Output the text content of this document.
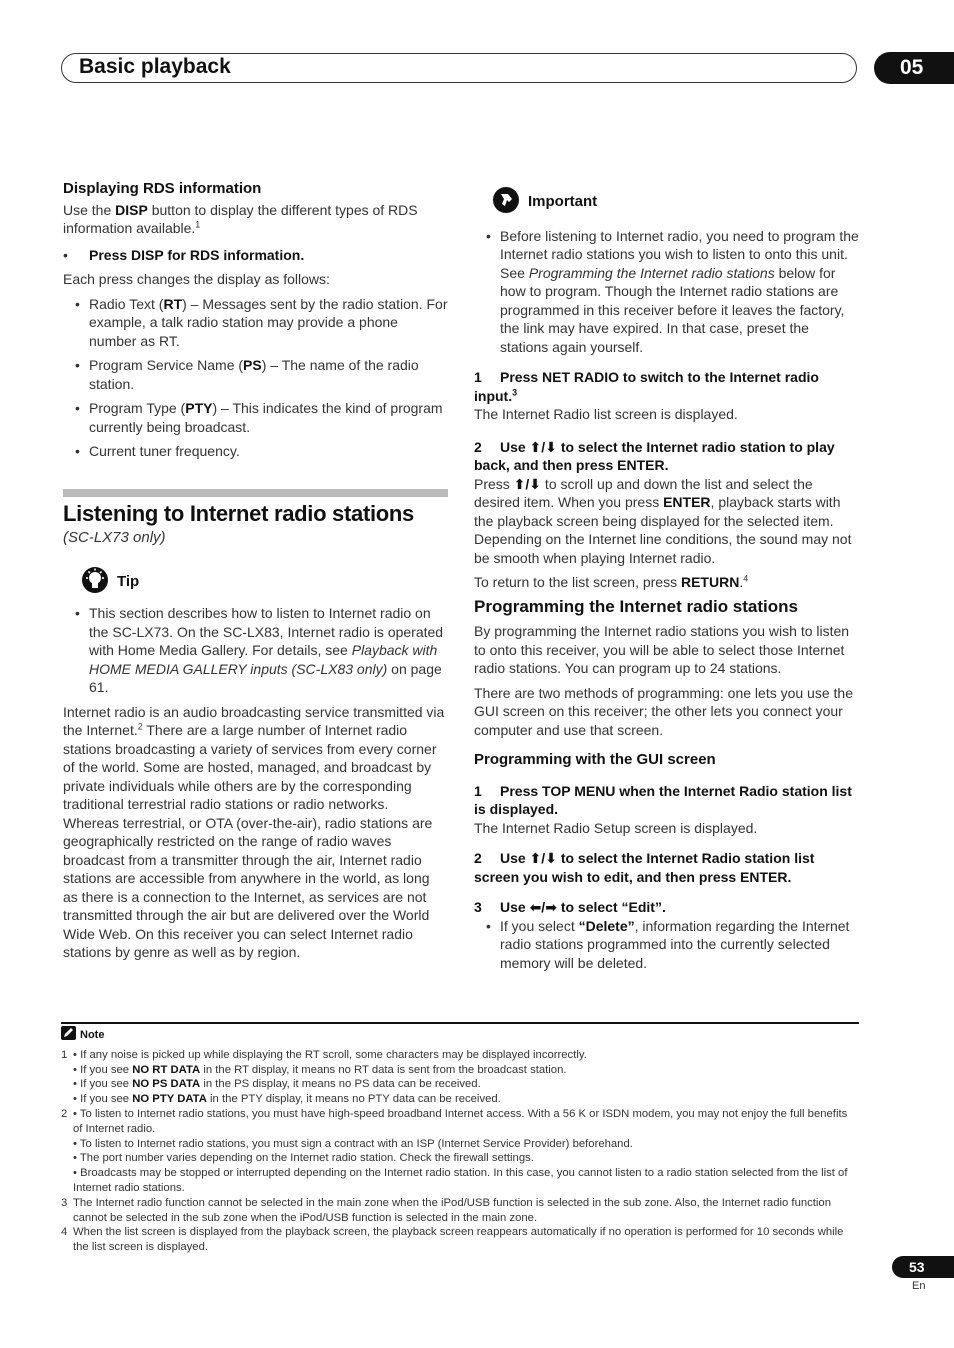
Basic playback	05

Displaying RDS information

Use the DISP button to display the different types of RDS information available.$^1$

• Press DISP for RDS information.

Each press changes the display as follows:

• Radio Text (RT) – Messages sent by the radio station. For example, a talk radio station may provide a phone number as RT.
• Program Service Name (PS) – The name of the radio station.
• Program Type (PTY) – This indicates the kind of program currently being broadcast.
• Current tuner frequency.

Listening to Internet radio stations

(SC-LX73 only)

Tip
• This section describes how to listen to Internet radio on the SC-LX73. On the SC-LX83, Internet radio is operated with Home Media Gallery. For details, see Playback with HOME MEDIA GALLERY inputs (SC-LX83 only) on page 61.

Internet radio is an audio broadcasting service transmitted via the Internet.$^2$ There are a large number of Internet radio stations broadcasting a variety of services from every corner of the world. Some are hosted, managed, and broadcast by private individuals while others are by the corresponding traditional terrestrial radio stations or radio networks. Whereas terrestrial, or OTA (over-the-air), radio stations are geographically restricted on the range of radio waves broadcast from a transmitter through the air, Internet radio stations are accessible from anywhere in the world, as long as there is a connection to the Internet, as services are not transmitted through the air but are delivered over the World Wide Web. On this receiver you can select Internet radio stations by genre as well as by region.

Important
• Before listening to Internet radio, you need to program the Internet radio stations you wish to listen to onto this unit. See Programming the Internet radio stations below for how to program. Though the Internet radio stations are programmed in this receiver before it leaves the factory, the link may have expired. In that case, preset the stations again yourself.

1 Press NET RADIO to switch to the Internet radio input.$^3$

The Internet Radio list screen is displayed.

2 Use ⬆/⬇ to select the Internet radio station to play back, and then press ENTER.

Press ⬆/⬇ to scroll up and down the list and select the desired item. When you press ENTER, playback starts with the playback screen being displayed for the selected item. Depending on the Internet line conditions, the sound may not be smooth when playing Internet radio.

To return to the list screen, press RETURN.$^4$

Programming the Internet radio stations

By programming the Internet radio stations you wish to listen to onto this receiver, you will be able to select those Internet radio stations. You can program up to 24 stations.

There are two methods of programming: one lets you use the GUI screen on this receiver; the other lets you connect your computer and use that screen.

Programming with the GUI screen

1 Press TOP MENU when the Internet Radio station list is displayed.

The Internet Radio Setup screen is displayed.

2 Use ⬆/⬇ to select the Internet Radio station list screen you wish to edit, and then press ENTER.

3 Use ⬅/➡ to select “Edit”.

• If you select “Delete”, information regarding the Internet radio stations programmed into the currently selected memory will be deleted.
Note
1 • If any noise is picked up while displaying the RT scroll, some characters may be displayed incorrectly.
• If you see NO RT DATA in the RT display, it means no RT data is sent from the broadcast station.
• If you see NO PS DATA in the PS display, it means no PS data can be received.
• If you see NO PTY DATA in the PTY display, it means no PTY data can be received.
2 • To listen to Internet radio stations, you must have high-speed broadband Internet access. With a 56 K or ISDN modem, you may not enjoy the full benefits of Internet radio.
• To listen to Internet radio stations, you must sign a contract with an ISP (Internet Service Provider) beforehand.
• The port number varies depending on the Internet radio station. Check the firewall settings.
• Broadcasts may be stopped or interrupted depending on the Internet radio station. In this case, you cannot listen to a radio station selected from the list of Internet radio stations.
3 The Internet radio function cannot be selected in the main zone when the iPod/USB function is selected in the sub zone. Also, the Internet radio function cannot be selected in the sub zone when the iPod/USB function is selected in the main zone.
4 When the list screen is displayed from the playback screen, the playback screen reappears automatically if no operation is performed for 10 seconds while the list screen is displayed.
53
En
